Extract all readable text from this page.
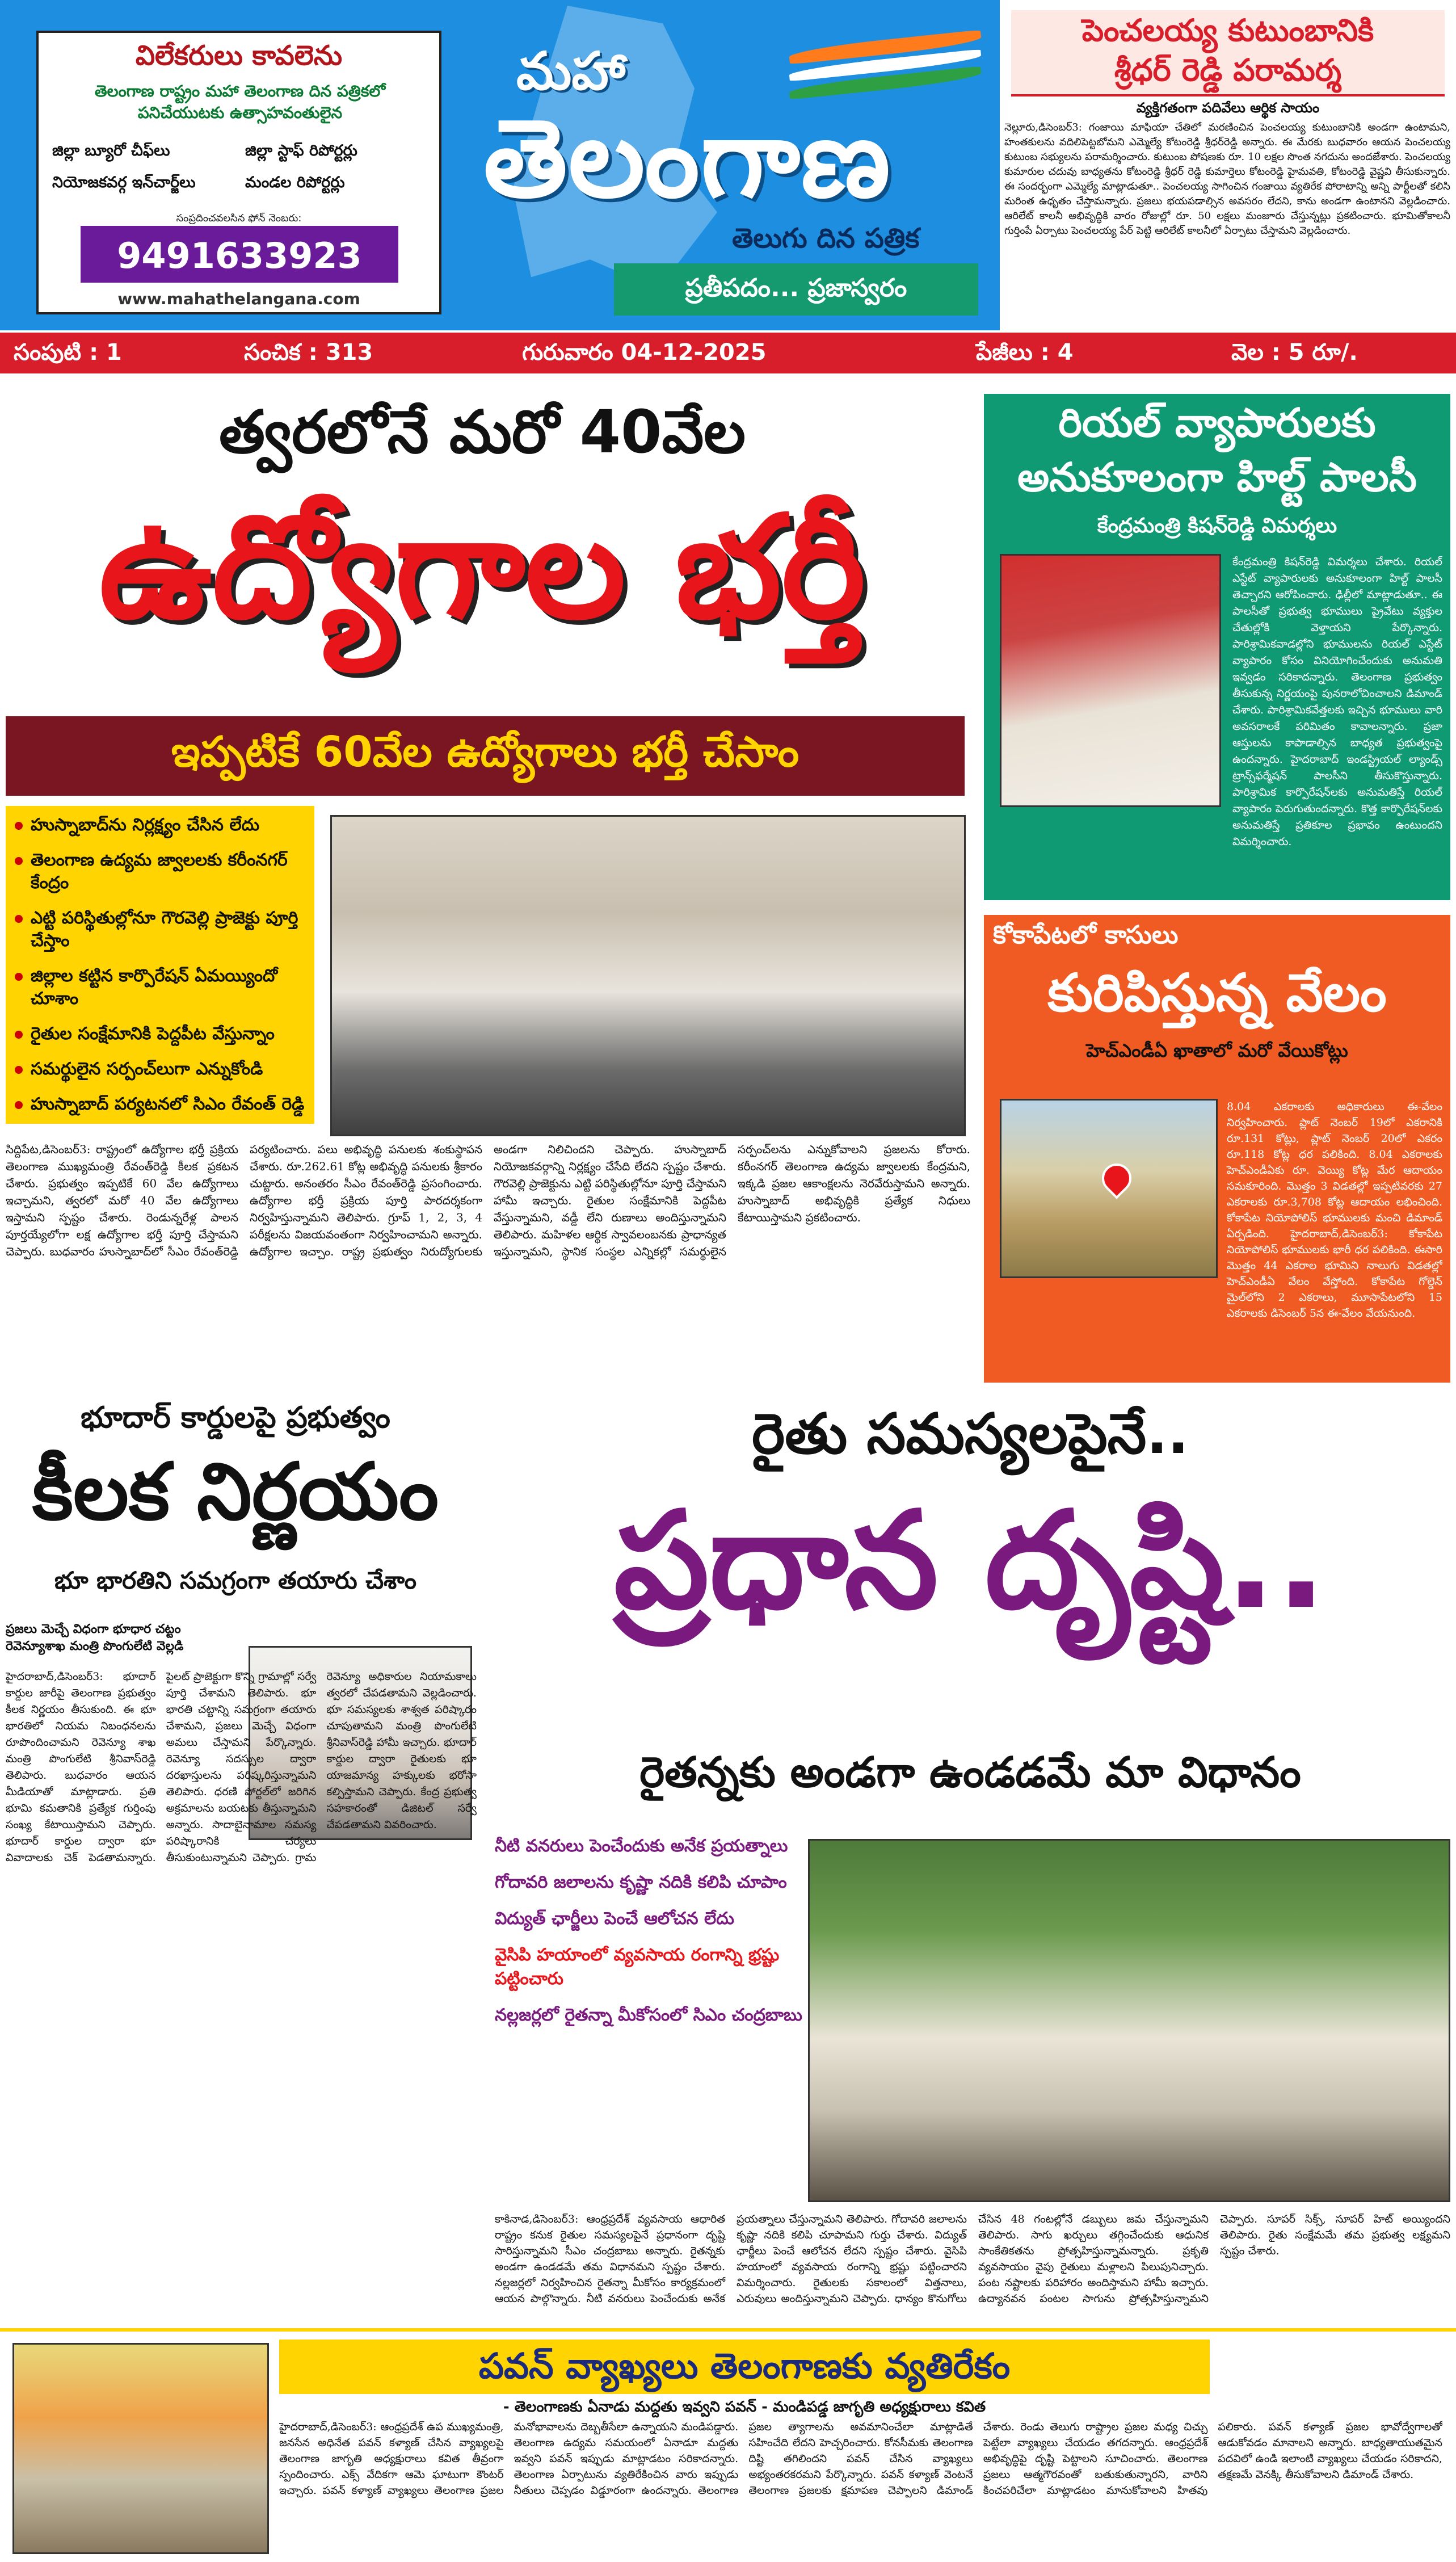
విలేకరులు కావలెను
తెలంగాణ రాష్ట్రం మహా తెలంగాణ దిన పత్రికలో పనిచేయుటకు ఉత్సాహవంతులైన
జిల్లా బ్యూరో చీఫ్‌లు	జిల్లా స్టాఫ్ రిపోర్టర్లు
నియోజకవర్గ ఇన్‌చార్జ్‌లు	మండల రిపోర్టర్లు
సంప్రదించవలసిన ఫోన్ నెంబరు:
9491633923
www.mahathelangana.com
మహా
తెలంగాణ
తెలుగు దిన పత్రిక
ప్రతీపదం... ప్రజాస్వరం
పెంచలయ్య కుటుంబానికి
శ్రీధర్ రెడ్డి పరామర్శ
వ్యక్తిగతంగా పదివేలు ఆర్థిక సాయం

నెల్లూరు,డిసెంబర్3: గంజాయి మాఫియా చేతిలో మరణించిన పెంచలయ్య కుటుంబానికి అండగా ఉంటామని, హంతకులను వదిలిపెట్టబోమని ఎమ్మెల్యే కోటంరెడ్డి శ్రీధర్‌రెడ్డి అన్నారు. ఈ మేరకు బుధవారం ఆయన పెంచలయ్య కుటుంబ సభ్యులను పరామర్శించారు. కుటుంబ పోషణకు రూ. 10 లక్షల సొంత నగదును అందజేశారు. పెంచలయ్య కుమారుల చదువు బాధ్యతను కోటంరెడ్డి శ్రీధర్ రెడ్డి కుమార్తెలు కోటంరెడ్డి హైమవతి, కోటంరెడ్డి వైష్ణవి తీసుకున్నారు. ఈ సందర్భంగా ఎమ్మెల్యే మాట్లాడుతూ.. పెంచలయ్య సాగించిన గంజాయి వ్యతిరేక పోరాటాన్ని అన్ని పార్టీలతో కలిసి మరింత ఉధృతం చేస్తామన్నారు. ప్రజలు భయపడాల్సిన అవసరం లేదని, కాను అండగా ఉంటానని వెల్లడించారు. ఆరిలేట్ కాలనీ అభివృద్ధికి వారం రోజుల్లో రూ. 50 లక్షలు మంజూరు చేస్తున్నట్లు ప్రకటించారు. భూమితోకాలనీ గుర్తింపే ఏర్పాటు పెంచలయ్య పేర్ పెట్టి ఆరిలేట్ కాలనీలో ఏర్పాటు చేస్తామని వెల్లడించారు.

సంపుటి : 1	సంచిక : 313	గురువారం 04-12-2025	పేజీలు : 4	వెల : 5 రూ/.
త్వరలోనే మరో 40వేల
ఉద్యోగాల భర్తీ
ఇప్పటికే 60వేల ఉద్యోగాలు భర్తీ చేసాం
హుస్నాబాద్‌ను నిర్లక్ష్యం చేసిన లేదు
తెలంగాణ ఉద్యమ జ్వాలలకు కరీంనగర్ కేంద్రం
ఎట్టి పరిస్థితుల్లోనూ గౌరవెల్లి ప్రాజెక్టు పూర్తి చేస్తాం
జిల్లాల కట్టిన కార్పొరేషన్‌ ఏమయ్యిందో చూశాం
రైతుల సంక్షేమానికి పెద్దపీట వేస్తున్నాం
సమర్థులైన సర్పంచ్‌లుగా ఎన్నుకోండి
హుస్నాబాద్ పర్యటనలో సిఎం రేవంత్ రెడ్డి

సిద్దిపేట,డిసెంబర్3: రాష్ట్రంలో ఉద్యోగాల భర్తీ ప్రక్రియ తెలంగాణ ముఖ్యమంత్రి రేవంత్‌రెడ్డి కీలక ప్రకటన చేశారు. ప్రభుత్వం ఇప్పటికే 60 వేల ఉద్యోగాలు ఇచ్చామని, త్వరలో మరో 40 వేల ఉద్యోగాలు ఇస్తామని స్పష్టం చేశారు. రెండున్నరేళ్ల పాలన పూర్తయ్యేలోగా లక్ష ఉద్యోగాల భర్తీ పూర్తి చేస్తామని చెప్పారు. బుధవారం హుస్నాబాద్‌లో సీఎం రేవంత్‌రెడ్డి పర్యటించారు. పలు అభివృద్ధి పనులకు శంకుస్థాపన చేశారు. రూ.262.61 కోట్ల అభివృద్ధి పనులకు శ్రీకారం చుట్టారు. అనంతరం సీఎం రేవంత్‌రెడ్డి ప్రసంగించారు. ఉద్యోగాల భర్తీ ప్రక్రియ పూర్తి పారదర్శకంగా నిర్వహిస్తున్నామని తెలిపారు. గ్రూప్ 1, 2, 3, 4 పరీక్షలను విజయవంతంగా నిర్వహించామని అన్నారు. ఉద్యోగాల ఇచ్చాం. రాష్ట్ర ప్రభుత్వం నిరుద్యోగులకు అండగా నిలిచిందని చెప్పారు. హుస్నాబాద్ నియోజకవర్గాన్ని నిర్లక్ష్యం చేసేది లేదని స్పష్టం చేశారు. గౌరవెల్లి ప్రాజెక్టును ఎట్టి పరిస్థితుల్లోనూ పూర్తి చేస్తామని హామీ ఇచ్చారు. రైతుల సంక్షేమానికి పెద్దపీట వేస్తున్నామని, వడ్డీ లేని రుణాలు అందిస్తున్నామని తెలిపారు. మహిళల ఆర్థిక స్వావలంబనకు ప్రాధాన్యత ఇస్తున్నామని, స్థానిక సంస్థల ఎన్నికల్లో సమర్థులైన సర్పంచ్‌లను ఎన్నుకోవాలని ప్రజలను కోరారు. కరీంనగర్ తెలంగాణ ఉద్యమ జ్వాలలకు కేంద్రమని, ఇక్కడి ప్రజల ఆకాంక్షలను నెరవేరుస్తామని అన్నారు. హుస్నాబాద్ అభివృద్ధికి ప్రత్యేక నిధులు కేటాయిస్తామని ప్రకటించారు.

రియల్ వ్యాపారులకు
అనుకూలంగా హిల్ట్ పాలసీ
కేంద్రమంత్రి కిషన్‌రెడ్డి విమర్శలు

కేంద్రమంత్రి కిషన్‌రెడ్డి విమర్శలు చేశారు. రియల్ ఎస్టేట్ వ్యాపారులకు అనుకూలంగా హిల్ట్ పాలసీ తెచ్చారని ఆరోపించారు. ఢిల్లీలో మాట్లాడుతూ.. ఈ పాలసీతో ప్రభుత్వ భూములు ప్రైవేటు వ్యక్తుల చేతుల్లోకి వెళ్తాయని పేర్కొన్నారు. పారిశ్రామికవాడల్లోని భూములను రియల్ ఎస్టేట్ వ్యాపారం కోసం వినియోగించేందుకు అనుమతి ఇవ్వడం సరికాదన్నారు. తెలంగాణ ప్రభుత్వం తీసుకున్న నిర్ణయంపై పునరాలోచించాలని డిమాండ్ చేశారు. పారిశ్రామికవేత్తలకు ఇచ్చిన భూములు వారి అవసరాలకే పరిమితం కావాలన్నారు. ప్రజా ఆస్తులను కాపాడాల్సిన బాధ్యత ప్రభుత్వంపై ఉందన్నారు. హైదరాబాద్ ఇండస్ట్రియల్ ల్యాండ్స్ ట్రాన్స్‌ఫర్మేషన్ పాలసీని తీసుకొస్తున్నారు. పారిశ్రామిక కార్పొరేషన్‌లకు అనుమతిస్తే రియల్ వ్యాపారం పెరుగుతుందన్నారు. కొత్త కార్పొరేషన్‌లకు అనుమతిస్తే ప్రతికూల ప్రభావం ఉంటుందని విమర్శించారు.

కోకాపేటలో కాసులు
కురిపిస్తున్న వేలం
హెచ్‌ఎండీఏ ఖాతాలో మరో వేయికోట్లు

8.04 ఎకరాలకు అధికారులు ఈ-వేలం నిర్వహించారు. ప్లాట్ నెంబర్ 19లో ఎకరానికి రూ.131 కోట్లు, ప్లాట్ నెంబర్ 20లో ఎకరం రూ.118 కోట్ల ధర పలికింది. 8.04 ఎకరాలకు హెచ్ఎండీఏకు రూ. వెయ్యి కోట్ల మేర ఆదాయం సమకూరింది. మొత్తం 3 విడతల్లో ఇప్పటివరకు 27 ఎకరాలకు రూ.3,708 కోట్ల ఆదాయం లభించింది. కోకాపేట నియోపోలిస్ భూములకు మంచి డిమాండ్ ఏర్పడింది. హైదరాబాద్,డిసెంబర్3: కోకాపేట నియోపోలిస్ భూములకు భారీ ధర పలికింది. ఈసారి మొత్తం 44 ఎకరాల భూమిని నాలుగు విడతల్లో హెచ్ఎండీఏ వేలం వేస్తోంది. కోకాపేట గోల్డెన్ మైల్‌లోని 2 ఎకరాలు, మూసాపేటలోని 15 ఎకరాలకు డిసెంబర్ 5న ఈ-వేలం వేయనుంది.

భూదార్ కార్డులపై ప్రభుత్వం
కీలక నిర్ణయం
భూ భారతిని సమగ్రంగా తయారు చేశాం
ప్రజలు మెచ్చే విధంగా భూధార చట్టం రెవెన్యూశాఖ మంత్రి పొంగులేటి వెల్లడి

హైదరాబాద్,డిసెంబర్3: భూదార్ కార్డుల జారీపై తెలంగాణ ప్రభుత్వం కీలక నిర్ణయం తీసుకుంది. ఈ భూ భారతిలో నియమ నిబంధనలను రూపొందించామని రెవెన్యూ శాఖ మంత్రి పొంగులేటి శ్రీనివాస్‌రెడ్డి తెలిపారు. బుధవారం ఆయన మీడియాతో మాట్లాడారు. ప్రతి భూమి కమతానికి ప్రత్యేక గుర్తింపు సంఖ్య కేటాయిస్తామని చెప్పారు. భూదార్ కార్డుల ద్వారా భూ వివాదాలకు చెక్ పెడతామన్నారు. పైలట్ ప్రాజెక్టుగా కొన్ని గ్రామాల్లో సర్వే పూర్తి చేశామని తెలిపారు. భూ భారతి చట్టాన్ని సమగ్రంగా తయారు చేశామని, ప్రజలు మెచ్చే విధంగా అమలు చేస్తామని పేర్కొన్నారు. రెవెన్యూ సదస్సుల ద్వారా దరఖాస్తులను పరిష్కరిస్తున్నామని తెలిపారు. ధరణి పోర్టల్‌లో జరిగిన అక్రమాలను బయటకు తీస్తున్నామని అన్నారు. సాదాబైనామాల సమస్య పరిష్కారానికి చర్యలు తీసుకుంటున్నామని చెప్పారు. గ్రామ రెవెన్యూ అధికారుల నియామకాలు త్వరలో చేపడతామని వెల్లడించారు. భూ సమస్యలకు శాశ్వత పరిష్కారం చూపుతామని మంత్రి పొంగులేటి శ్రీనివాస్‌రెడ్డి హామీ ఇచ్చారు. భూదార్ కార్డుల ద్వారా రైతులకు భూ యాజమాన్య హక్కులకు భరోసా కల్పిస్తామని చెప్పారు. కేంద్ర ప్రభుత్వ సహకారంతో డిజిటల్ సర్వే చేపడతామని వివరించారు.

రైతు సమస్యలపైనే..
ప్రధాన దృష్టి..
రైతన్నకు అండగా ఉండడమే మా విధానం
నీటి వనరులు పెంచేందుకు అనేక ప్రయత్నాలు
గోదావరి జలాలను కృష్ణా నదికి కలిపి చూపాం
విద్యుత్ ఛార్జీలు పెంచే ఆలోచన లేదు
వైసిపి హయాంలో వ్యవసాయ రంగాన్ని భ్రష్టు పట్టించారు
నల్లజర్లలో రైతన్నా మీకోసంలో సిఎం చంద్రబాబు

కాకినాడ,డిసెంబర్3: ఆంధ్రప్రదేశ్ వ్యవసాయ ఆధారిత రాష్ట్రం కనుక రైతుల సమస్యలపైనే ప్రధానంగా దృష్టి సారిస్తున్నామని సీఎం చంద్రబాబు అన్నారు. రైతన్నకు అండగా ఉండడమే తమ విధానమని స్పష్టం చేశారు. నల్లజర్లలో నిర్వహించిన రైతన్నా మీకోసం కార్యక్రమంలో ఆయన పాల్గొన్నారు. నీటి వనరులు పెంచేందుకు అనేక ప్రయత్నాలు చేస్తున్నామని తెలిపారు. గోదావరి జలాలను కృష్ణా నదికి కలిపి చూపామని గుర్తు చేశారు. విద్యుత్ ఛార్జీలు పెంచే ఆలోచన లేదని స్పష్టం చేశారు. వైసిపి హయాంలో వ్యవసాయ రంగాన్ని భ్రష్టు పట్టించారని విమర్శించారు. రైతులకు సకాలంలో విత్తనాలు, ఎరువులు అందిస్తున్నామని చెప్పారు. ధాన్యం కొనుగోలు చేసిన 48 గంటల్లోనే డబ్బులు జమ చేస్తున్నామని తెలిపారు. సాగు ఖర్చులు తగ్గించేందుకు ఆధునిక సాంకేతికతను ప్రోత్సహిస్తున్నామన్నారు. ప్రకృతి వ్యవసాయం వైపు రైతులు మళ్లాలని పిలుపునిచ్చారు. పంట నష్టాలకు పరిహారం అందిస్తామని హామీ ఇచ్చారు. ఉద్యానవన పంటల సాగును ప్రోత్సహిస్తున్నామని చెప్పారు. సూపర్ సిక్స్, సూపర్ హిట్ అయ్యిందని తెలిపారు. రైతు సంక్షేమమే తమ ప్రభుత్వ లక్ష్యమని స్పష్టం చేశారు.

పవన్ వ్యాఖ్యలు తెలంగాణకు వ్యతిరేకం
- తెలంగాణకు ఏనాడు మద్దతు ఇవ్వని పవన్ - మండిపడ్డ జాగృతి అధ్యక్షురాలు కవిత

హైదరాబాద్,డిసెంబర్3: ఆంధ్రప్రదేశ్ ఉప ముఖ్యమంత్రి, జనసేన అధినేత పవన్ కళ్యాణ్ చేసిన వ్యాఖ్యలపై తెలంగాణ జాగృతి అధ్యక్షురాలు కవిత తీవ్రంగా స్పందించారు. ఎక్స్ వేదికగా ఆమె ఘాటుగా కౌంటర్ ఇచ్చారు. పవన్ కళ్యాణ్ వ్యాఖ్యలు తెలంగాణ ప్రజల మనోభావాలను దెబ్బతీసేలా ఉన్నాయని మండిపడ్డారు. తెలంగాణ ఉద్యమ సమయంలో ఏనాడూ మద్దతు ఇవ్వని పవన్ ఇప్పుడు మాట్లాడటం సరికాదన్నారు. తెలంగాణ ఏర్పాటును వ్యతిరేకించిన వారు ఇప్పుడు నీతులు చెప్పడం విడ్డూరంగా ఉందన్నారు. తెలంగాణ ప్రజల త్యాగాలను అవమానించేలా మాట్లాడితే సహించేది లేదని హెచ్చరించారు. కోనసీమకు తెలంగాణ దిష్టి తగిలిందని పవన్ చేసిన వ్యాఖ్యలు అభ్యంతరకరమని పేర్కొన్నారు. పవన్ కళ్యాణ్ వెంటనే తెలంగాణ ప్రజలకు క్షమాపణ చెప్పాలని డిమాండ్ చేశారు. రెండు తెలుగు రాష్ట్రాల ప్రజల మధ్య చిచ్చు పెట్టేలా వ్యాఖ్యలు చేయడం తగదన్నారు. ఆంధ్రప్రదేశ్ అభివృద్ధిపై దృష్టి పెట్టాలని సూచించారు. తెలంగాణ ప్రజలు ఆత్మగౌరవంతో బతుకుతున్నారని, వారిని కించపరిచేలా మాట్లాడటం మానుకోవాలని హితవు పలికారు. పవన్ కళ్యాణ్ ప్రజల భావోద్వేగాలతో ఆడుకోవడం మానాలని అన్నారు. బాధ్యతాయుతమైన పదవిలో ఉండి ఇలాంటి వ్యాఖ్యలు చేయడం సరికాదని, తక్షణమే వెనక్కి తీసుకోవాలని డిమాండ్ చేశారు.
